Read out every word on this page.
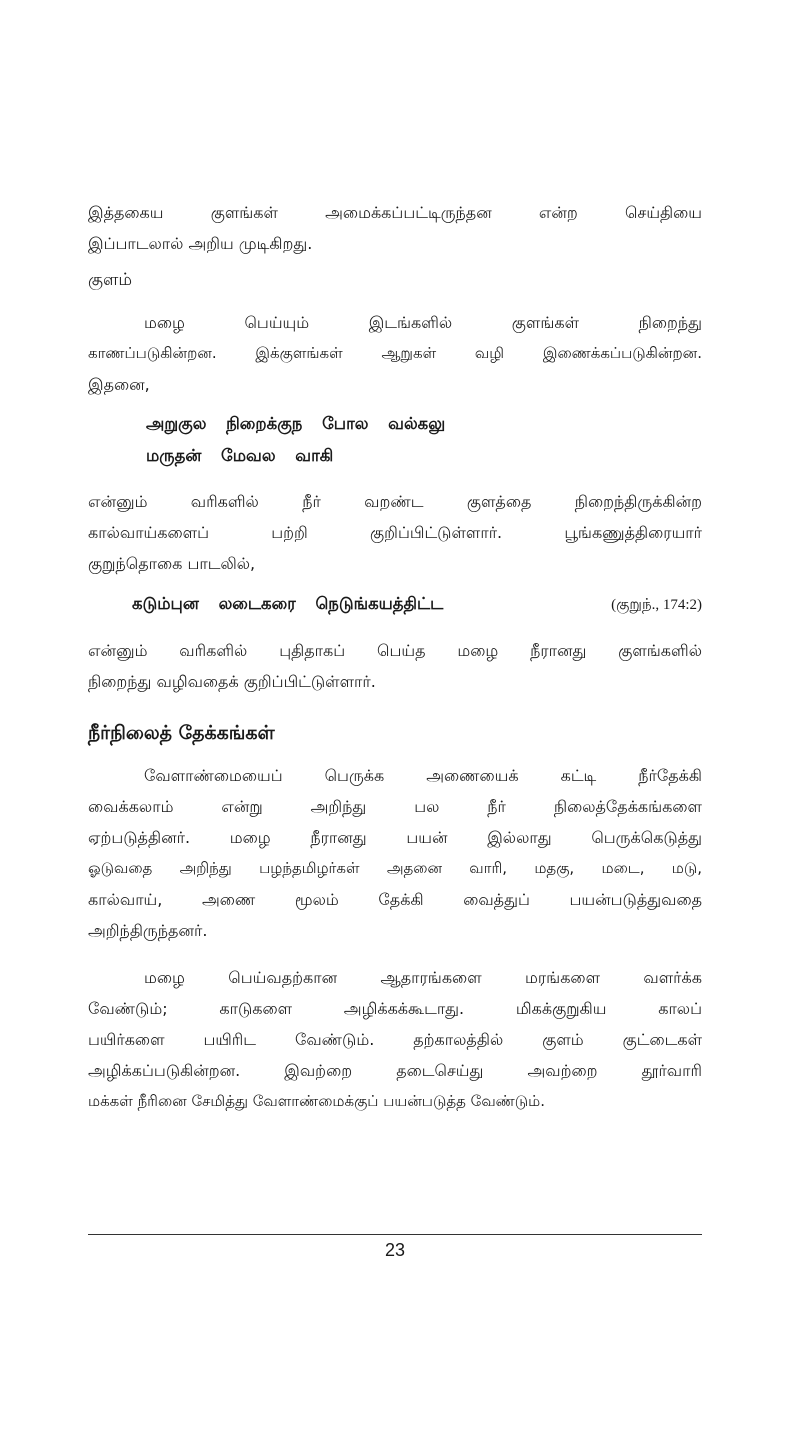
இத்தகைய குளங்கள் அமைக்கப்பட்டிருந்தன என்ற செய்தியை
இப்பாடலால் அறிய முடிகிறது.
குளம்
மழை பெய்யும் இடங்களில் குளங்கள் நிறைந்து
காணப்படுகின்றன. இக்குளங்கள் ஆறுகள் வழி இணைக்கப்படுகின்றன.
இதனை,
அறுகுல நிறைக்குந போல வல்கலு
மருதன் மேவல வாகி
என்னும் வரிகளில் நீர் வறண்ட குளத்தை நிறைந்திருக்கின்ற
கால்வாய்களைப் பற்றி குறிப்பிட்டுள்ளார். பூங்கணுத்திரையார்
குறுந்தொகை பாடலில்,
கடும்புன லடைகரை நெடுங்கயத்திட்ட	(குறுந்., 174:2)
என்னும் வரிகளில் புதிதாகப் பெய்த மழை நீரானது குளங்களில்
நிறைந்து வழிவதைக் குறிப்பிட்டுள்ளார்.
நீர்நிலைத் தேக்கங்கள்
வேளாண்மையைப் பெருக்க அணையைக் கட்டி நீர்தேக்கி
வைக்கலாம் என்று அறிந்து பல நீர் நிலைத்தேக்கங்களை
ஏற்படுத்தினர். மழை நீரானது பயன் இல்லாது பெருக்கெடுத்து
ஓடுவதை அறிந்து பழந்தமிழர்கள் அதனை வாரி, மதகு, மடை, மடு,
கால்வாய், அணை மூலம் தேக்கி வைத்துப் பயன்படுத்துவதை
அறிந்திருந்தனர்.
மழை பெய்வதற்கான ஆதாரங்களை மரங்களை வளர்க்க
வேண்டும்; காடுகளை அழிக்கக்கூடாது. மிகக்குறுகிய காலப்
பயிர்களை பயிரிட வேண்டும். தற்காலத்தில் குளம் குட்டைகள்
அழிக்கப்படுகின்றன. இவற்றை தடைசெய்து அவற்றை தூர்வாரி
மக்கள் நீரினை சேமித்து வேளாண்மைக்குப் பயன்படுத்த வேண்டும்.
23
